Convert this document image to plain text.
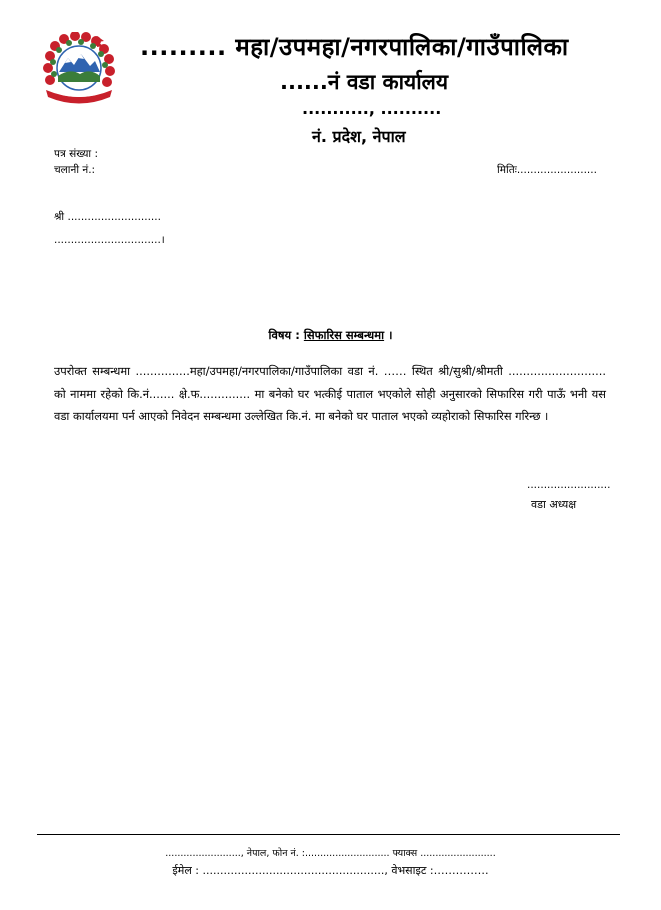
......... महा/उपमहा/नगरपालिका/गाउँपालिका
......नं वडा कार्यालय
..........., ..........
नं. प्रदेश, नेपाल
पत्र संख्या :
चलानी नं.:	मितिः........................
श्री ............................
................................।
विषय : सिफारिस सम्बन्धमा ।
उपरोक्त सम्बन्धमा ...............महा/उपमहा/नगरपालिका/गाउँपालिका वडा नं. …… स्थित श्री/सुश्री/श्रीमती ........................... को नाममा रहेको कि.नं....... क्षे.फ.............. मा बनेको घर भत्कीई पाताल भएकोले सोही अनुसारको सिफारिस गरी पाऊँ भनी यस वडा कार्यालयमा पर्न आएको निवेदन सम्बन्धमा उल्लेखित कि.नं. मा बनेको घर पाताल भएको व्यहोराको सिफारिस गरिन्छ ।
.........................
वडा अध्यक्ष
........................., नेपाल, फोन नं. :............................ फ्याक्स .........................
ईमेल : ...................................................., वेभसाइट :……………
